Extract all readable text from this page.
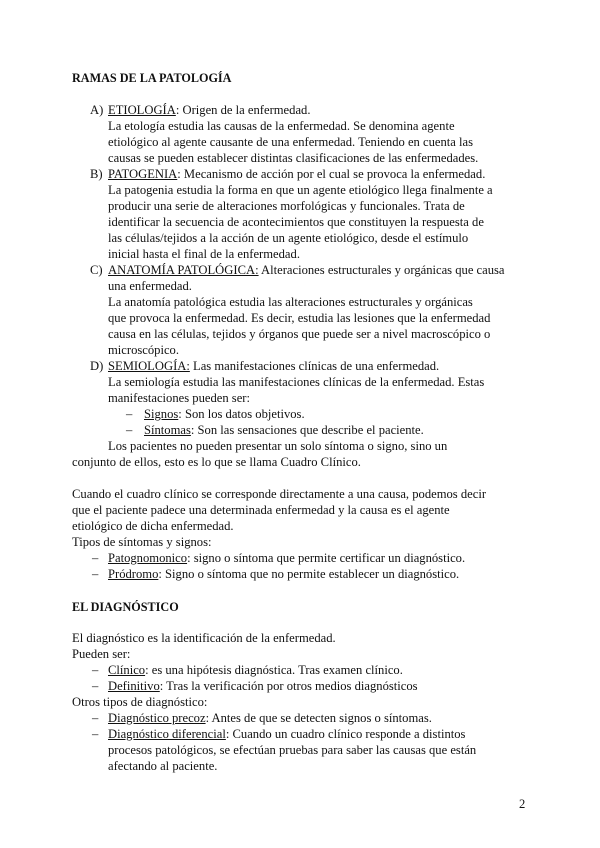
RAMAS DE LA PATOLOGÍA
A) ETIOLOGÍA: Origen de la enfermedad.
La etología estudia las causas de la enfermedad. Se denomina agente
etiológico al agente causante de una enfermedad. Teniendo en cuenta las
causas se pueden establecer distintas clasificaciones de las enfermedades.
B) PATOGENIA: Mecanismo de acción por el cual se provoca la enfermedad.
La patogenia estudia la forma en que un agente etiológico llega finalmente a
producir una serie de alteraciones morfológicas y funcionales. Trata de
identificar la secuencia de acontecimientos que constituyen la respuesta de
las células/tejidos a la acción de un agente etiológico, desde el estímulo
inicial hasta el final de la enfermedad.
C) ANATOMÍA PATOLÓGICA: Alteraciones estructurales y orgánicas que causa
una enfermedad.
La anatomía patológica estudia las alteraciones estructurales y orgánicas
que provoca la enfermedad. Es decir, estudia las lesiones que la enfermedad
causa en las células, tejidos y órganos que puede ser a nivel macroscópico o
microscópico.
D) SEMIOLOGÍA: Las manifestaciones clínicas de una enfermedad.
La semiología estudia las manifestaciones clínicas de la enfermedad. Estas
manifestaciones pueden ser:
– Signos: Son los datos objetivos.
– Síntomas: Son las sensaciones que describe el paciente.
Los pacientes no pueden presentar un solo síntoma o signo, sino un
conjunto de ellos, esto es lo que se llama Cuadro Clínico.
Cuando el cuadro clínico se corresponde directamente a una causa, podemos decir
que el paciente padece una determinada enfermedad y la causa es el agente
etiológico de dicha enfermedad.
Tipos de síntomas y signos:
– Patognomonico: signo o síntoma que permite certificar un diagnóstico.
– Pródromo: Signo o síntoma que no permite establecer un diagnóstico.
EL DIAGNÓSTICO
El diagnóstico es la identificación de la enfermedad.
Pueden ser:
– Clínico: es una hipótesis diagnóstica. Tras examen clínico.
– Definitivo: Tras la verificación por otros medios diagnósticos
Otros tipos de diagnóstico:
– Diagnóstico precoz: Antes de que se detecten signos o síntomas.
– Diagnóstico diferencial: Cuando un cuadro clínico responde a distintos
procesos patológicos, se efectúan pruebas para saber las causas que están
afectando al paciente.
2
